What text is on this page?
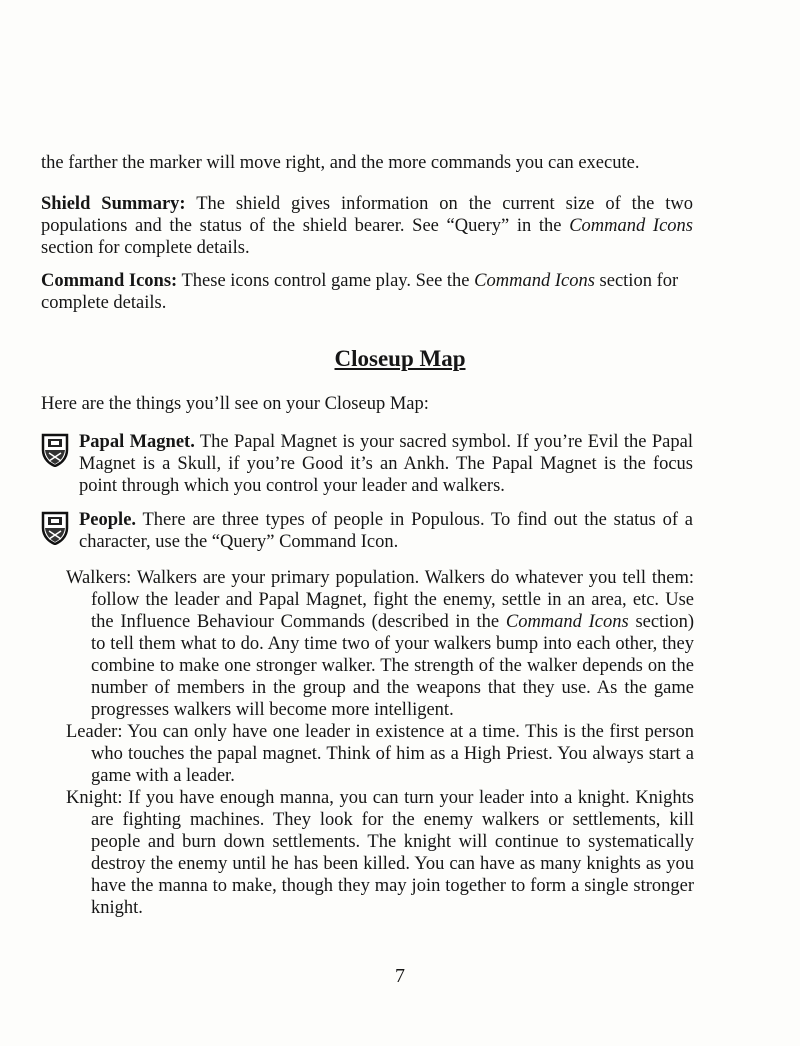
the farther the marker will move right, and the more commands you can execute.
Shield Summary: The shield gives information on the current size of the two populations and the status of the shield bearer. See “Query” in the Command Icons section for complete details.
Command Icons: These icons control game play. See the Command Icons section for complete details.
Closeup Map
Here are the things you’ll see on your Closeup Map:
Papal Magnet. The Papal Magnet is your sacred symbol. If you’re Evil the Papal Magnet is a Skull, if you’re Good it’s an Ankh. The Papal Magnet is the focus point through which you control your leader and walkers.
People. There are three types of people in Populous. To find out the status of a character, use the “Query” Command Icon.

Walkers: Walkers are your primary population. Walkers do whatever you tell them: follow the leader and Papal Magnet, fight the enemy, settle in an area, etc. Use the Influence Behaviour Commands (described in the Command Icons section) to tell them what to do. Any time two of your walkers bump into each other, they combine to make one stronger walker. The strength of the walker depends on the number of members in the group and the weapons that they use. As the game progresses walkers will become more intelligent.

Leader: You can only have one leader in existence at a time. This is the first person who touches the papal magnet. Think of him as a High Priest. You always start a game with a leader.

Knight: If you have enough manna, you can turn your leader into a knight. Knights are fighting machines. They look for the enemy walkers or settlements, kill people and burn down settlements. The knight will continue to systematically destroy the enemy until he has been killed. You can have as many knights as you have the manna to make, though they may join together to form a single stronger knight.

7
